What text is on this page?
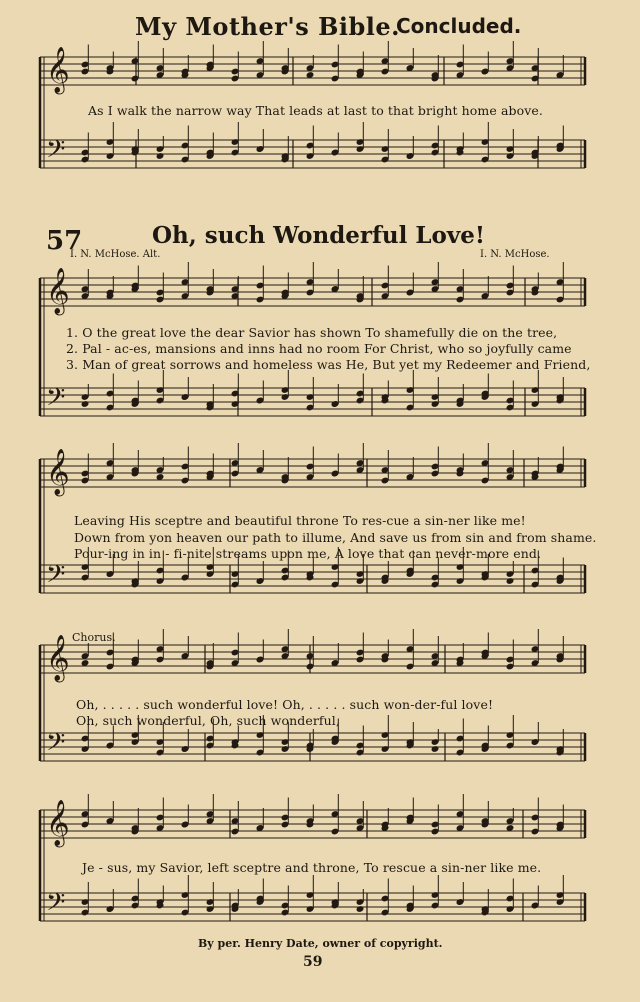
My Mother's Bible.
Concluded.
As I walk the narrow way That leads at last to that bright home above.
57	Oh, such Wonderful Love!
I. N. McHose. Alt.	I. N. McHose.
1. O the great love the dear Savior has shown To shamefully die on the tree,
2. Pal - ac-es, mansions and inns had no room For Christ, who so joyfully came
3. Man of great sorrows and homeless was He, But yet my Redeemer and Friend,
Leaving His sceptre and beautiful throne To res-cue a sin-ner like me!
Down from yon heaven our path to illume, And save us from sin and from shame.
Pour-ing in in - fi-nite streams upon me, A love that can never-more end.
Chorus.
Oh, . . . . . such wonderful love! Oh, . . . . . such won-der-ful love!
Oh, such wonderful, Oh, such wonderful,
Je - sus, my Savior, left sceptre and throne, To rescue a sin-ner like me.
By per. Henry Date, owner of copyright.
59
𝄞
𝄢
𝄞
𝄢
𝄞
𝄢
𝄞
𝄢
𝄞
𝄢
